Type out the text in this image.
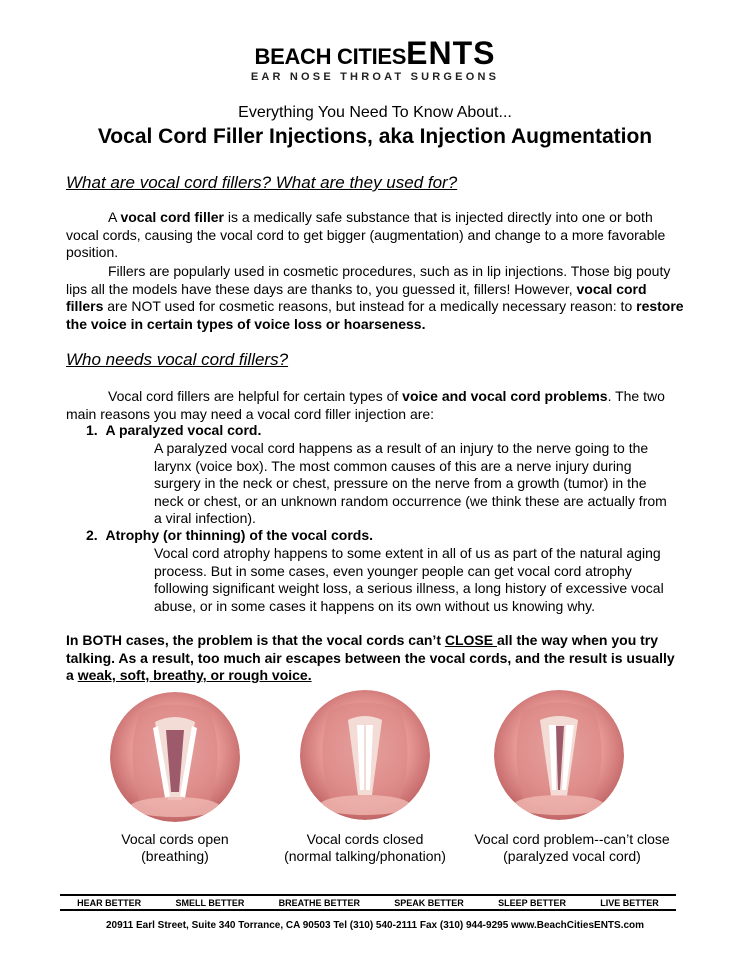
BEACH CITIESENTS
EAR NOSE THROAT SURGEONS
Everything You Need To Know About...
Vocal Cord Filler Injections, aka Injection Augmentation
What are vocal cord fillers? What are they used for?
A vocal cord filler is a medically safe substance that is injected directly into one or both vocal cords, causing the vocal cord to get bigger (augmentation) and change to a more favorable position.
Fillers are popularly used in cosmetic procedures, such as in lip injections. Those big pouty lips all the models have these days are thanks to, you guessed it, fillers! However, vocal cord fillers are NOT used for cosmetic reasons, but instead for a medically necessary reason: to restore the voice in certain types of voice loss or hoarseness.
Who needs vocal cord fillers?
Vocal cord fillers are helpful for certain types of voice and vocal cord problems. The two main reasons you may need a vocal cord filler injection are:
1. A paralyzed vocal cord.
A paralyzed vocal cord happens as a result of an injury to the nerve going to the larynx (voice box). The most common causes of this are a nerve injury during surgery in the neck or chest, pressure on the nerve from a growth (tumor) in the neck or chest, or an unknown random occurrence (we think these are actually from a viral infection).
2. Atrophy (or thinning) of the vocal cords.
Vocal cord atrophy happens to some extent in all of us as part of the natural aging process. But in some cases, even younger people can get vocal cord atrophy following significant weight loss, a serious illness, a long history of excessive vocal abuse, or in some cases it happens on its own without us knowing why.
In BOTH cases, the problem is that the vocal cords can’t CLOSE all the way when you try talking. As a result, too much air escapes between the vocal cords, and the result is usually a weak, soft, breathy, or rough voice.
Vocal cords open
(breathing)
Vocal cords closed
(normal talking/phonation)
Vocal cord problem--can’t close
(paralyzed vocal cord)
HEAR BETTER	SMELL BETTER	BREATHE BETTER	SPEAK BETTER	SLEEP BETTER	LIVE BETTER
20911 Earl Street, Suite 340 Torrance, CA 90503 Tel (310) 540-2111 Fax (310) 944-9295 www.BeachCitiesENTS.com
